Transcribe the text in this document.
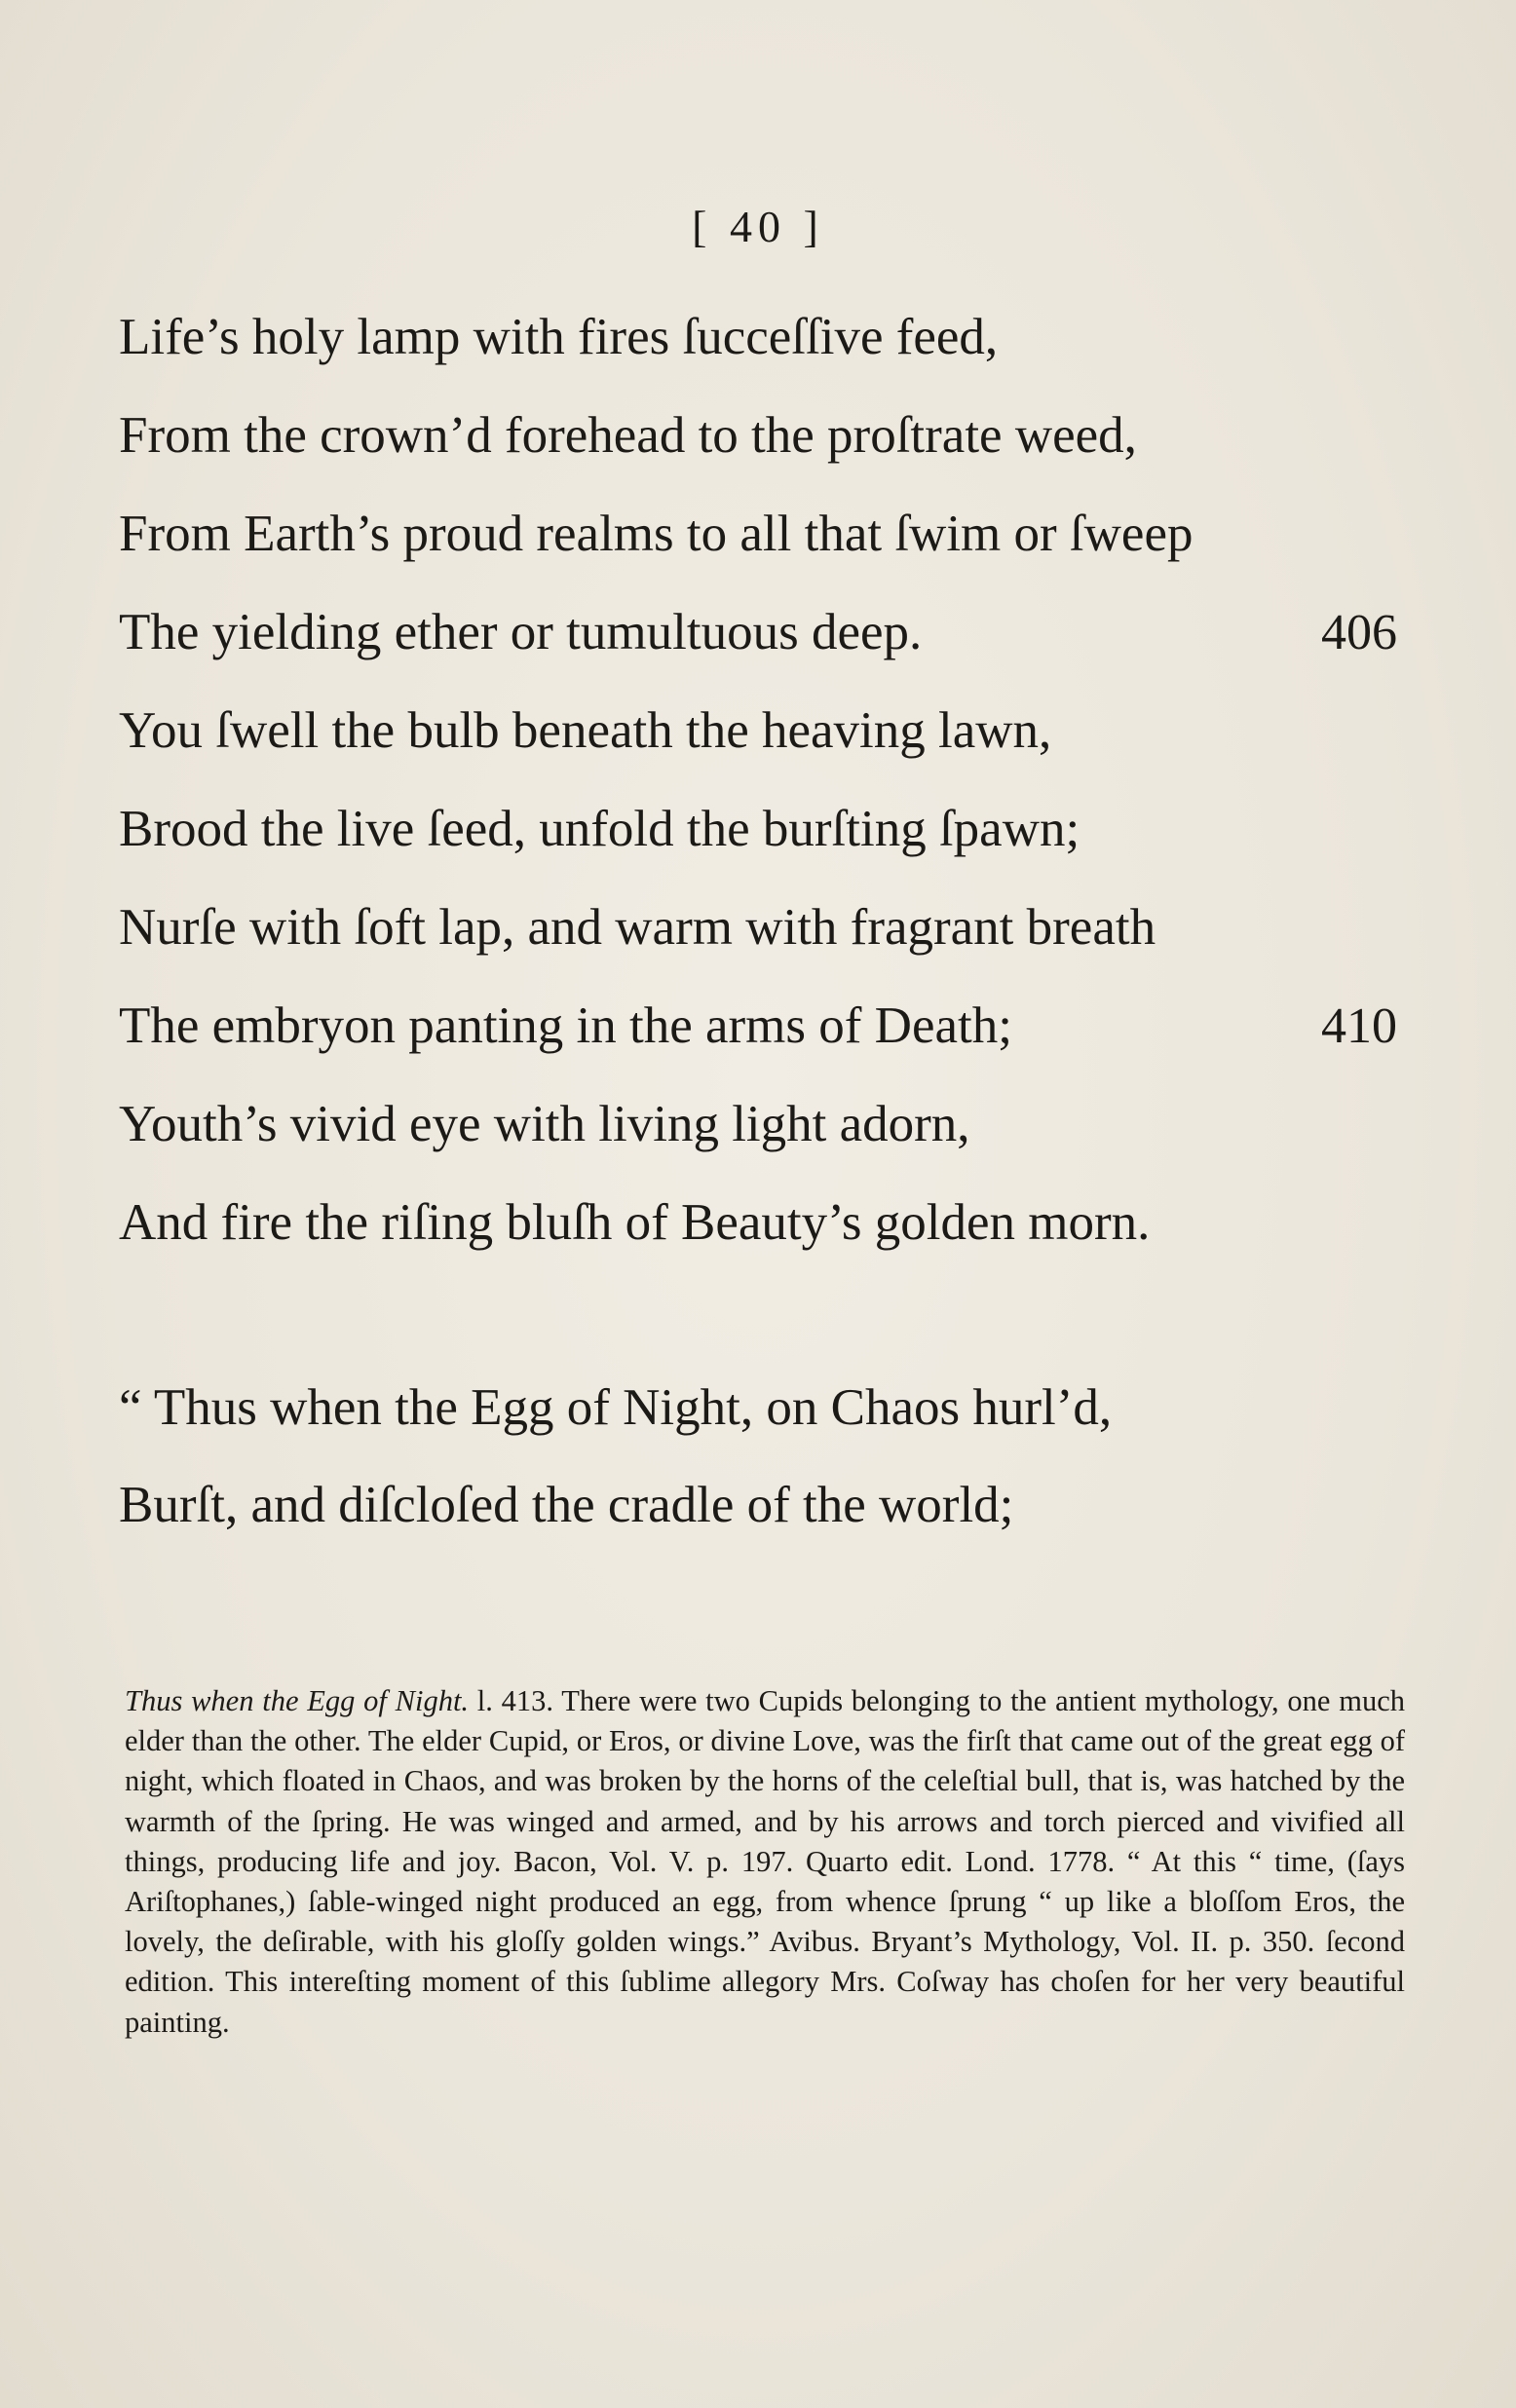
[ 40 ]
Life’s holy lamp with fires ſucceſſive feed,
From the crown’d forehead to the proſtrate weed,
From Earth’s proud realms to all that ſwim or ſweep
The yielding ether or tumultuous deep.	406
You ſwell the bulb beneath the heaving lawn,
Brood the live ſeed, unfold the burſting ſpawn;
Nurſe with ſoft lap, and warm with fragrant breath
The embryon panting in the arms of Death;	410
Youth’s vivid eye with living light adorn,
And fire the riſing bluſh of Beauty’s golden morn.
“ Thus when the Egg of Night, on Chaos hurl’d,
Burſt, and diſcloſed the cradle of the world;

Thus when the Egg of Night. l. 413. There were two Cupids belonging to the antient mythology, one much elder than the other. The elder Cupid, or Eros, or divine Love, was the firſt that came out of the great egg of night, which floated in Chaos, and was broken by the horns of the celeſtial bull, that is, was hatched by the warmth of the ſpring. He was winged and armed, and by his arrows and torch pierced and vivified all things, producing life and joy. Bacon, Vol. V. p. 197. Quarto edit. Lond. 1778. “ At this “ time, (ſays Ariſtophanes,) ſable-winged night produced an egg, from whence ſprung “ up like a bloſſom Eros, the lovely, the deſirable, with his gloſſy golden wings.” Avibus. Bryant’s Mythology, Vol. II. p. 350. ſecond edition. This intereſting moment of this ſublime allegory Mrs. Coſway has choſen for her very beautiful painting.
